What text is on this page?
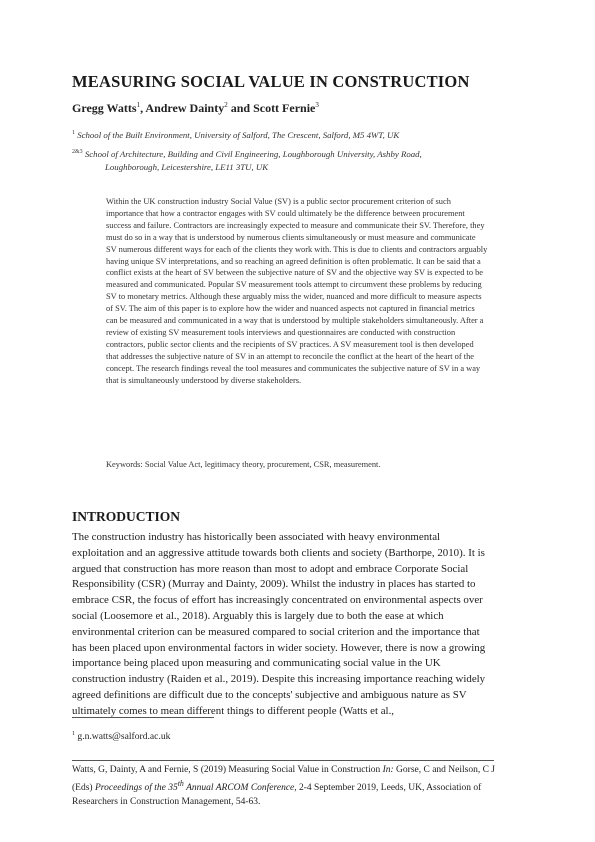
MEASURING SOCIAL VALUE IN CONSTRUCTION
Gregg Watts$^1$, Andrew Dainty$^2$ and Scott Fernie$^3$
$^1$ School of the Built Environment, University of Salford, The Crescent, Salford, M5 4WT, UK
$^{2\&3}$ School of Architecture, Building and Civil Engineering, Loughborough University, Ashby Road,
Loughborough, Leicestershire, LE11 3TU, UK

Within the UK construction industry Social Value (SV) is a public sector procurement criterion of such importance that how a contractor engages with SV could ultimately be the difference between procurement success and failure. Contractors are increasingly expected to measure and communicate their SV. Therefore, they must do so in a way that is understood by numerous clients simultaneously or must measure and communicate SV numerous different ways for each of the clients they work with. This is due to clients and contractors arguably having unique SV interpretations, and so reaching an agreed definition is often problematic. It can be said that a conflict exists at the heart of SV between the subjective nature of SV and the objective way SV is expected to be measured and communicated. Popular SV measurement tools attempt to circumvent these problems by reducing SV to monetary metrics. Although these arguably miss the wider, nuanced and more difficult to measure aspects of SV. The aim of this paper is to explore how the wider and nuanced aspects not captured in financial metrics can be measured and communicated in a way that is understood by multiple stakeholders simultaneously. After a review of existing SV measurement tools interviews and questionnaires are conducted with construction contractors, public sector clients and the recipients of SV practices. A SV measurement tool is then developed that addresses the subjective nature of SV in an attempt to reconcile the conflict at the heart of the heart of the concept. The research findings reveal the tool measures and communicates the subjective nature of SV in a way that is simultaneously understood by diverse stakeholders.

Keywords: Social Value Act, legitimacy theory, procurement, CSR, measurement.
INTRODUCTION

The construction industry has historically been associated with heavy environmental exploitation and an aggressive attitude towards both clients and society (Barthorpe, 2010). It is argued that construction has more reason than most to adopt and embrace Corporate Social Responsibility (CSR) (Murray and Dainty, 2009). Whilst the industry in places has started to embrace CSR, the focus of effort has increasingly concentrated on environmental aspects over social (Loosemore et al., 2018). Arguably this is largely due to both the ease at which environmental criterion can be measured compared to social criterion and the importance that has been placed upon environmental factors in wider society. However, there is now a growing importance being placed upon measuring and communicating social value in the UK construction industry (Raiden et al., 2019). Despite this increasing importance reaching widely agreed definitions are difficult due to the concepts' subjective and ambiguous nature as SV ultimately comes to mean different things to different people (Watts et al.,

$^1$ g.n.watts@salford.ac.uk

Watts, G, Dainty, A and Fernie, S (2019) Measuring Social Value in Construction In: Gorse, C and Neilson, C J (Eds) Proceedings of the 35th Annual ARCOM Conference, 2-4 September 2019, Leeds, UK, Association of Researchers in Construction Management, 54-63.
